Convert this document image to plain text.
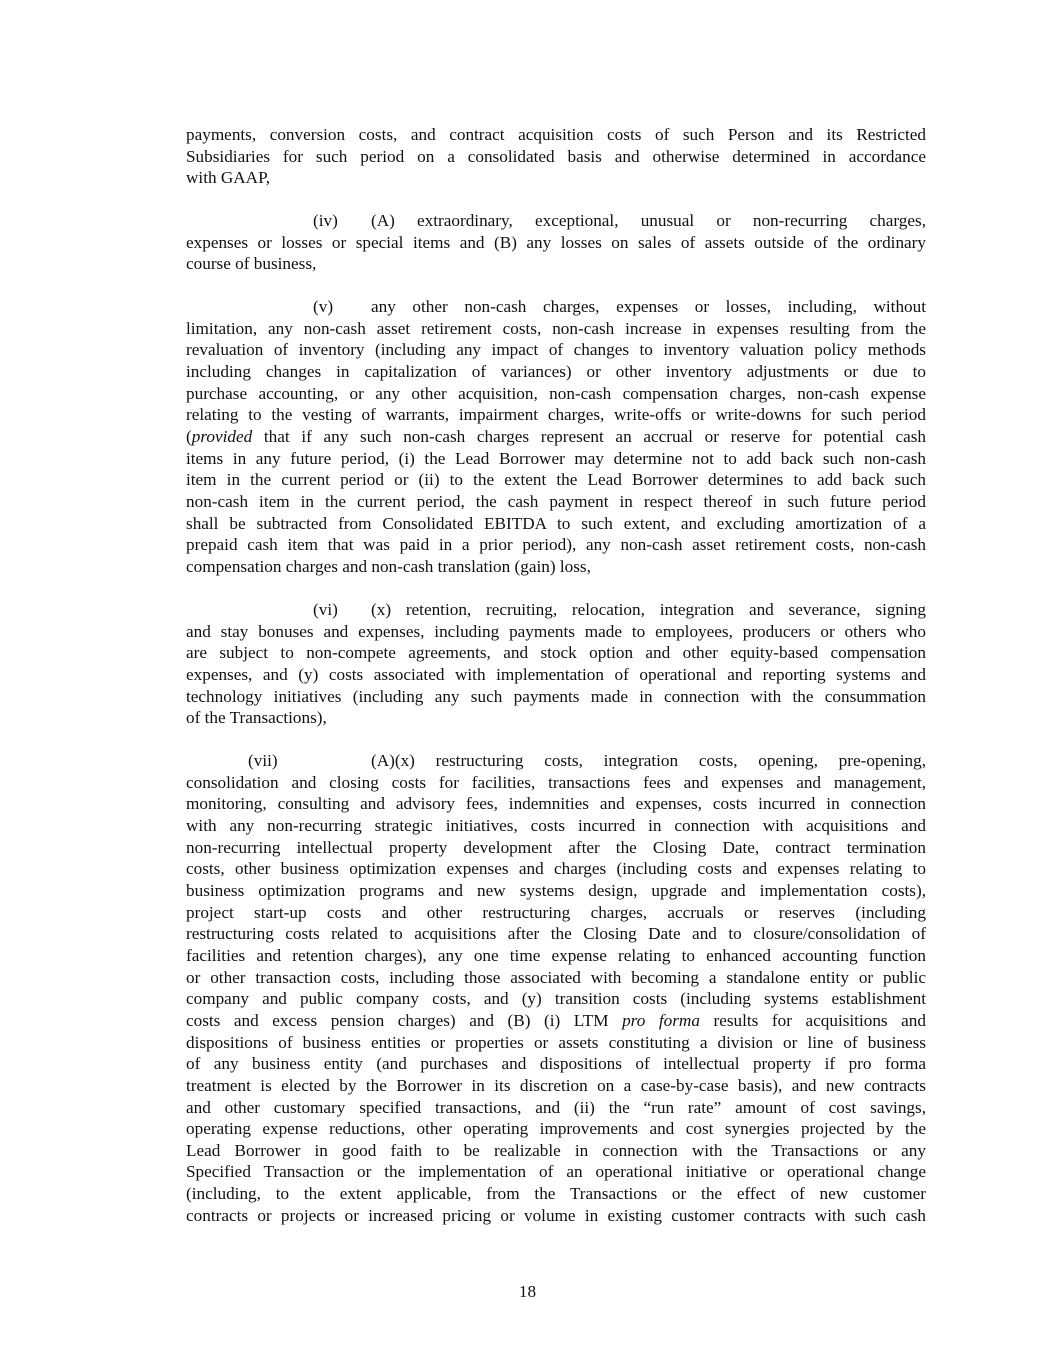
payments, conversion costs, and contract acquisition costs of such Person and its Restricted
Subsidiaries for such period on a consolidated basis and otherwise determined in accordance
with GAAP,
(iv) (A) extraordinary, exceptional, unusual or non-recurring charges,
expenses or losses or special items and (B) any losses on sales of assets outside of the ordinary
course of business,
(v) any other non-cash charges, expenses or losses, including, without
limitation, any non-cash asset retirement costs, non-cash increase in expenses resulting from the
revaluation of inventory (including any impact of changes to inventory valuation policy methods
including changes in capitalization of variances) or other inventory adjustments or due to
purchase accounting, or any other acquisition, non-cash compensation charges, non-cash expense
relating to the vesting of warrants, impairment charges, write-offs or write-downs for such period
(provided that if any such non-cash charges represent an accrual or reserve for potential cash
items in any future period, (i) the Lead Borrower may determine not to add back such non-cash
item in the current period or (ii) to the extent the Lead Borrower determines to add back such
non-cash item in the current period, the cash payment in respect thereof in such future period
shall be subtracted from Consolidated EBITDA to such extent, and excluding amortization of a
prepaid cash item that was paid in a prior period), any non-cash asset retirement costs, non-cash
compensation charges and non-cash translation (gain) loss,
(vi) (x) retention, recruiting, relocation, integration and severance, signing
and stay bonuses and expenses, including payments made to employees, producers or others who
are subject to non-compete agreements, and stock option and other equity-based compensation
expenses, and (y) costs associated with implementation of operational and reporting systems and
technology initiatives (including any such payments made in connection with the consummation
of the Transactions),
(vii)	(A)(x) restructuring costs, integration costs, opening, pre-opening,
consolidation and closing costs for facilities, transactions fees and expenses and management,
monitoring, consulting and advisory fees, indemnities and expenses, costs incurred in connection
with any non-recurring strategic initiatives, costs incurred in connection with acquisitions and
non-recurring intellectual property development after the Closing Date, contract termination
costs, other business optimization expenses and charges (including costs and expenses relating to
business optimization programs and new systems design, upgrade and implementation costs),
project start-up costs and other restructuring charges, accruals or reserves (including
restructuring costs related to acquisitions after the Closing Date and to closure/consolidation of
facilities and retention charges), any one time expense relating to enhanced accounting function
or other transaction costs, including those associated with becoming a standalone entity or public
company and public company costs, and (y) transition costs (including systems establishment
costs and excess pension charges) and (B) (i) LTM pro forma results for acquisitions and
dispositions of business entities or properties or assets constituting a division or line of business
of any business entity (and purchases and dispositions of intellectual property if pro forma
treatment is elected by the Borrower in its discretion on a case-by-case basis), and new contracts
and other customary specified transactions, and (ii) the “run rate” amount of cost savings,
operating expense reductions, other operating improvements and cost synergies projected by the
Lead Borrower in good faith to be realizable in connection with the Transactions or any
Specified Transaction or the implementation of an operational initiative or operational change
(including, to the extent applicable, from the Transactions or the effect of new customer
contracts or projects or increased pricing or volume in existing customer contracts with such cash
18
